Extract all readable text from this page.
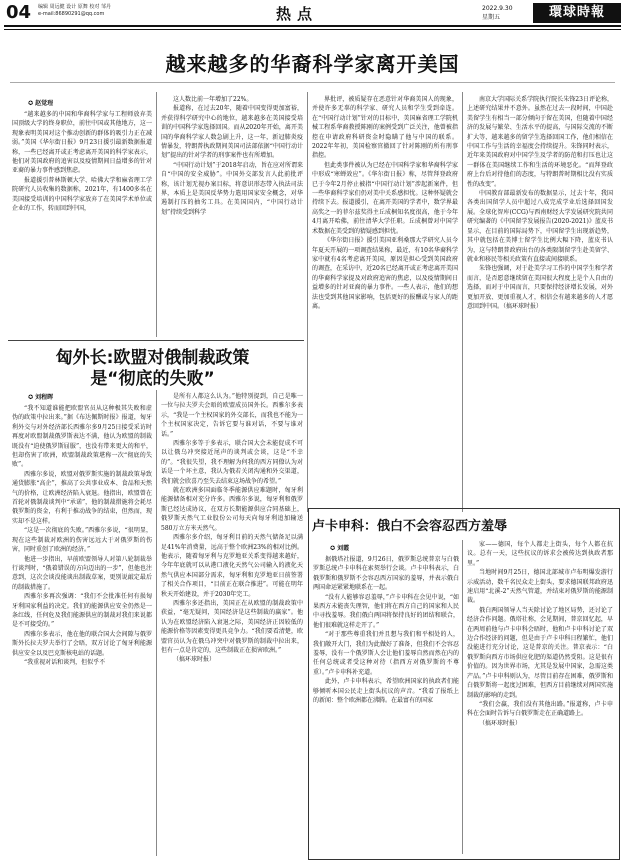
04 编辑 周远健 设计 原舞 校对 邹丹
e-mail:86890291@qq.com	热点	2022.9.30
星期五	環球時報
越来越多的华裔科学家离开美国
✪ 赵觉珵

“越来越多的中国和华裔科学家与工程师放弃美国顶级大学的终身职位，前往中国或其他地方，这一现象表明美国对这个推动创新的群体的吸引力正在减弱。”美国《华尔街日报》9月23日援引最新数据报道称，一些已经离开或正考虑离开美国的科学家表示，他们对美国政府的追害以及疫情期间日益增多的针对亚裔的暴力事件感到焦虑。

报道援引普林斯顿大学、哈佛大学和麻省理工学院研究人员收集的数据称，2021年，有1400多名在美国接受培训的中国科学家放弃了在美国学术单位或企业的工作，转而回到中国，

这人数比前一年增加了22%。

报道称，在过去20年，随着中国变得更加富裕，并获得科学研究中心的地位，越来越多在美国接受培训的中国科学家选择回国。而从2020年开始，离开美国的华裔科学家人数急剧上升，这一年，新冠肺炎疫情暴发，特朗普执政期间美国司法部依据“中国行动计划”提出的针对学者的刑事案件也有所增加。

“中国行动计划”于2018年启动，旨在应对所谓来自“中国的安全威胁”。中国外交部发言人此前批评称，该计划无视办案目标，将意识形态带入执法司法界，本质上是美国反华势力遣用国家安全概念，对华遏制打压的抽劣工具。在美国国内，“中国行动计划”持续受到科学

界批评，被质疑存在恶意针对华裔美国人的现象，并使许多无辜的科学家、研究人员和学生受到牵连。在“中国行动计划”针对的目标中，美国麻省理工学院机械工程系华裔教授陈刚的案例受到广泛关注，他曾被指控在申请政府科研资金时隐瞒了他与中国的联系。2022年年初，美国检察官撤回了针对陈刚的所有刑事指控。

但此类事件被认为已经在中国科学家和华裔科学家中形成“寒蝉效应”。《华尔街日报》称，尽管拜登政府已于今年2月停止被指“中国行动计划”涉起新案件，但一些华裔科学家们仍对美中关系感担忧。这种怀疑就会持续下去。报道援引，在离开美国的学者中，数学界最高奖之一的菲尔兹奖得主丘成桐知名度很高，他于今年4月离开哈佛，前往清华大学任职。丘成桐曾对中国学术数据在美受到的猜疑感到担忧。

《华尔街日报》援引美国亚利桑那大学研究人员今年夏天开展的一项调查结果称，最近，有10名华裔科学家中就有4名考虑离开美国，原因是担心受到美国政府的调查，在采访中，近20名已经离开或正考虑离开美国的华裔科学家提及对政府追害的焦虑，以及疫情期间日益增多的针对亚裔的暴力事件。一些人表示，他们的想法也受到其他国家影响，包括更好的报酬或与家人的距离。

南京大学国际关系学院执行院长朱锋23日评论称，上述研究结果并不意外。虽然在过去一段时间，中国赴美留学生有相当一部分倾向于留在美国，但随着中国经济的发展与繁荣、生活水平的提高，与国际交流的不断扩大等，越来越多的留学生选择回国工作，他们相信在中国工作与生活的幸福度会持续提升。朱锋同时表示，近年来美国政府对中国学生及学者的防范和打压也让这一群体在美国继续工作和生活的环境恶化。“而拜登政府上台后对待他们的态度，与特朗普时期相比没有实质性的改变”。

中国教育部最新发布的数据显示，过去十年，我国各类出国留学人员中超过八成完成学业后选择回国发展。全球化智库(CCG)与西南财经大学发展研究院共同研究编著的《中国留学发展报告(2020-2021)》蓝皮书显示，在目前的国际局势下，中国留学生出现新趋势，其中就包括在美博士留学生比例大幅下降，蓝皮书认为，这与特朗普政府出台的各类限制留学生赴美留学、就业和移民等相关政策有直接或间接联系。

朱锋也强调，对于赴美学习工作的中国学生和学者而言，是否愿意继续留在美国很大程度上是个人自由的选择，而对于中国而言，只要保持经济增长发展，对外更加开放、更加重视人才，相信会有越来越多的人才愿意回到中国。（搞环球时报）

匈外长:欧盟对俄制裁政策
是“彻底的失败”
✪ 刘程晖

“我不知道谁能把欧盟官员从这种极其失败和虚伪的政策中拉出来。”据《布达佩斯时报》报道，匈牙利外交与对外经济部长西雅尔多9月25日接受采访时再度对欧盟制裁俄罗斯表达不满，他认为欧盟的制裁既没有“迫使俄罗斯屈服”，也没有带来更大的和平，但却伤害了欧洲，欧盟制裁政策堪称一次“彻底的失败”。

西雅尔多说，欧盟对俄罗斯实施的制裁政策导致通货膨胀“高企”，推高了公共事业成本、食品和天然气的价格，让欧洲经济陷入衰退。他指出，欧盟曾在首轮对俄制裁谈判中“承诺”，他的制裁措施将会耗尽俄罗斯的资金，有利于推动战争的结束，但然而，现实却不是这样。

“这是一次彻底的失败。”西雅尔多说，“很明显，现在这些制裁对欧洲的伤害远远大于对俄罗斯的伤害，同时重创了欧洲的经济。”

他进一步指出，早前欧盟领导人对第八轮制裁举行谈判时，“俄着错误的方向迈出的一步”，但他也注意到，这次会谈没能谈出制裁草案，更别说敲定最后的制裁措施了。

西雅尔多再次强调：“我们不会批准任何有损匈牙利国家利益的决定。我们的能源供应安全仍然是一条红线，任何危及我们能源供应的制裁对我们来说都是不可接受的。”

西雅尔多表示，他在他的联合国大会间隙与俄罗斯外长拉夫罗夫举行了会晤，双方讨论了匈牙利能源供应安全以及巴克斯核电站的话题。

“我重视对话和谈判，但似乎不

是所有人都这么认为。”他特别提到，自己是唯一一位与拉夫罗夫会晤的欧盟成员国外长。西雅尔多表示，“我是一个主权国家的外交部长，而我也不能为一个主权国家决定，告诉它要与谁对话，不要与谁对话。”

西雅尔多等于多表示，联合国大会未能促成不可以让俄乌冲突接近尾声的谈判或会谈，这是“不幸的”。“我很失望，我不理解为何我的西方同僚认为对话是一个坏主意，我认为俄若关闭沟通和外交渠道，我们就会欣喜乃至失去结束这场战争的希望。”

就在欧洲多国面临冬季能源供应难题时，匈牙利能源储备相对充分许多。西雅尔多说，匈牙利和俄罗斯已经达成协议，在双方长期能源供应合同基础上，俄罗斯天然气工业股份公司每天向匈牙利追加输送580万立方米天然气。

西雅尔多介绍，匈牙利目前的天然气储备足以满足41%年消费量，远高于整个欧洲23%的相对比例。他表示，随着匈牙利与克罗地亚关系变得越来越好，今年年底就可以从港口液化天然气公司输入的液化天然气供应本国部分需求，匈牙利和克罗地亚日前签署了相关合作项目，“目前正在联合推进”。可能在明年秋天开始建设，并于2030年完工。

西雅尔多还指出，美国正在从欧盟的制裁政策中获益，“毫无疑问，美国经济是这些制裁的赢家”。他认为在欧盟经济陷入衰退之际，美国经济正因较低的能源价格等因素变得更具竞争力。“我们要看清楚，欧盟官员认为在俄乌冲突中对俄罗斯的制裁中拉出来，但有一点是肯定的，这些制裁正在损害欧洲。”

（搞环球时报）

卢卡申科：俄白不会容忍西方羞辱
✪ 刘霞

据俄塔社报道，9月26日，俄罗斯总统普京与白俄罗斯总统卢卡申科在索契举行会谈。卢卡申科表示，白俄罗斯和俄罗斯不会容忍西方国家的羞辱，并表示俄白两国命运紧紧地联系在一起。

“没有人能够容忍羞辱，”卢卡申科在会见中说，“如果西方未能丧失理智，他们将在西方自己的国家和人民中寻找羞辱。我们俄白两国将保持良好的团结和联合，他们很难就这样走开了。”

“对于那些尊重我们并且想与我们和平相处的人，我们敞开大门，我们为此做好了准备，但我们不会容忍羞辱，没有一个俄罗斯人会让他们羞辱自然而然在内的任何总统或者受这种对待（指西方对俄罗斯的不尊重）。”卢卡申科补充道。

此外，卢卡申科表示，希望欧洲国家的执政者们能够倾听本国公民走上街头抗议的声音。“我看了报纸上的新闻：整个欧洲都在沸腾。在最富有的国家

家——德国，每个人都走上街头，每个人都在抗议。总有一天，这些抗议的诉求会被传达到执政者那里。”

当地时间9月25日，德国北部城市卢布明爆发游行示威活动，数千名民众走上街头，要求德国联邦政府迅速启用“北溪-2”天然气管道，并结束对俄罗斯的能源制裁。

俄白两国领导人当天除讨论了地区局势，还讨论了经济合作问题。俄塔社称，会见期间，普京回忆起，早在两周前他与卢卡申科会晤时，他和卢卡申科讨论了双边合作经济的问题，但是由于卢卡申科日程繁忙，他们没能进行充分讨论，这是普京的关注。普京表示：“白俄罗斯向西方市场供应化肥的渠道仍然受阻。这是很有价值的。因为世界市场，尤其是发展中国家，急需这类产品。”卢卡申科则认为，尽管目前存在困难，俄罗斯和白俄罗斯将一起度过困难，但西方目前继续对两国实施制裁的影响的走到。

“我们会赢，我们没有其他出路。”报道称，卢卡申科在会面时告诉与白俄罗斯走在正确道路上。

（搞环球时报）
